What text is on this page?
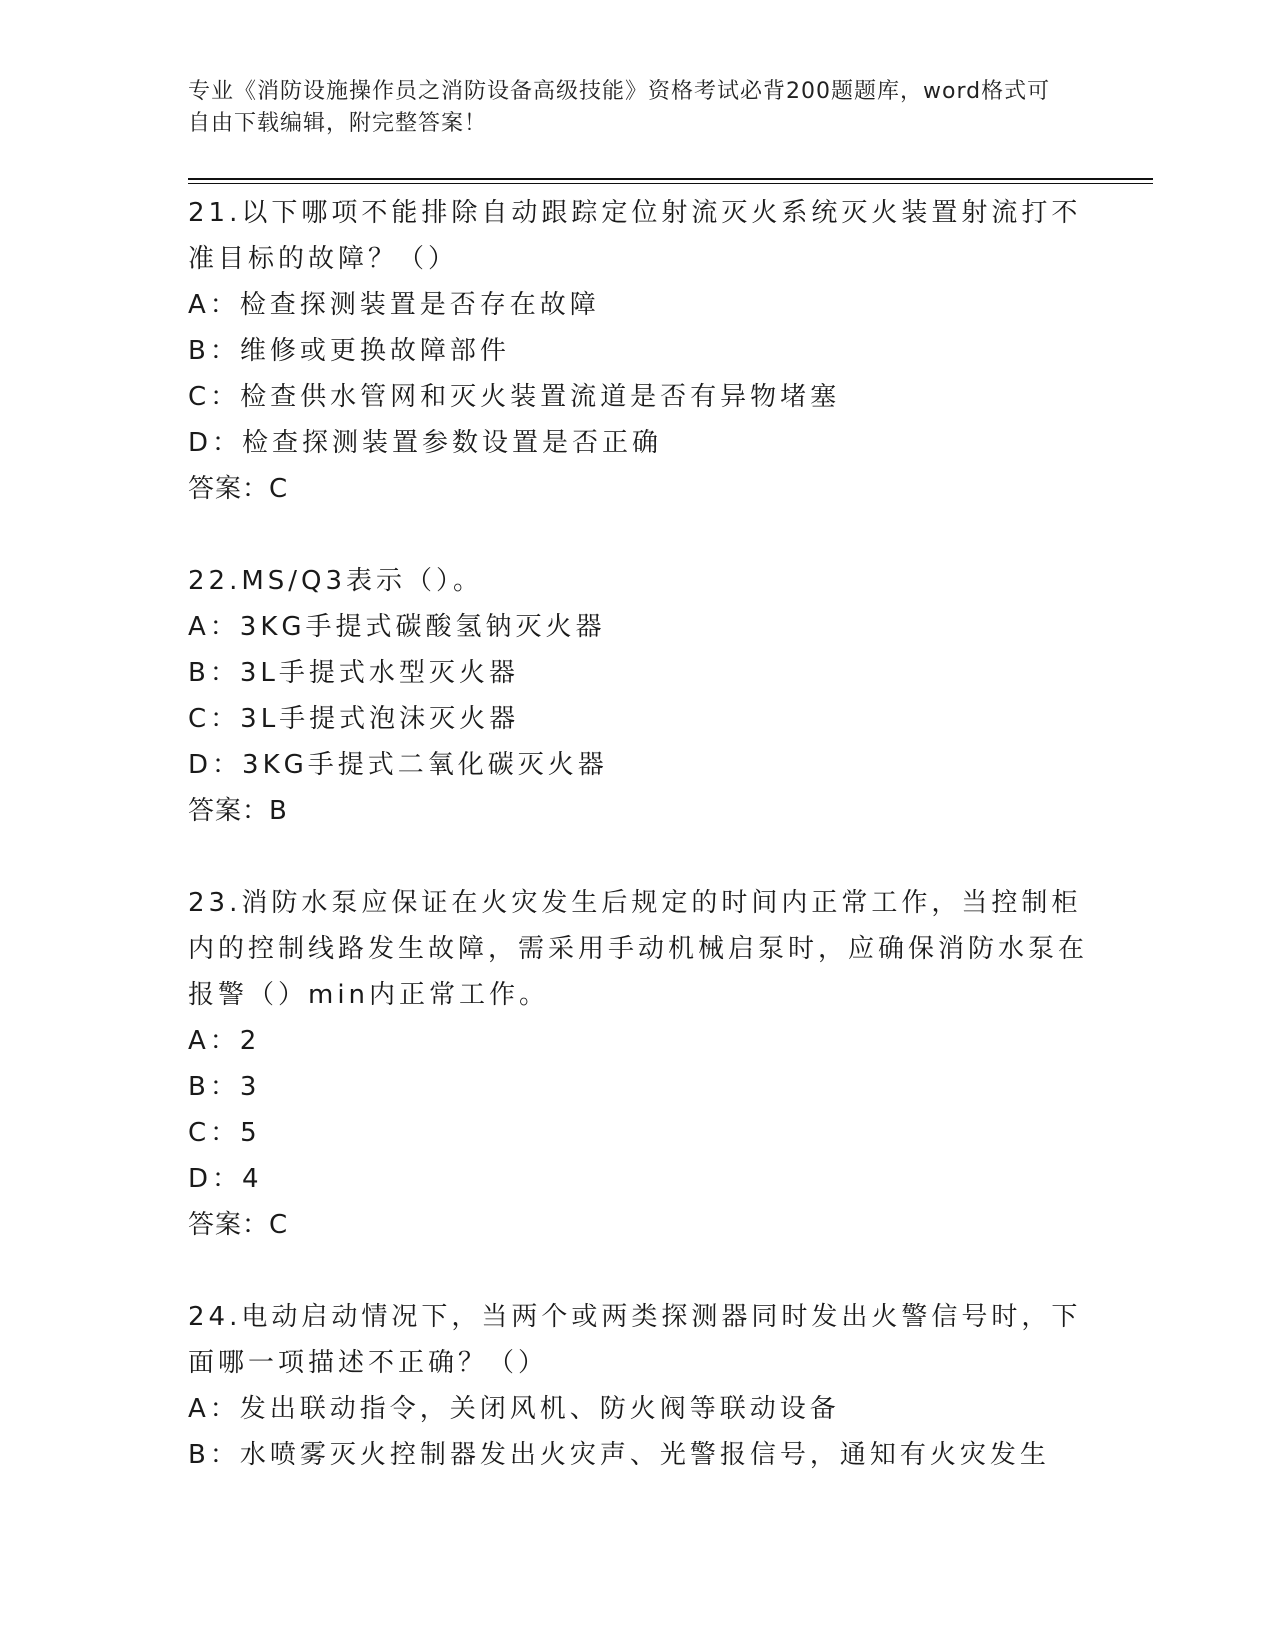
专业《消防设施操作员之消防设备高级技能》资格考试必背200题题库，word格式可自由下载编辑，附完整答案！
21.以下哪项不能排除自动跟踪定位射流灭火系统灭火装置射流打不准目标的故障？（）
A：检查探测装置是否存在故障
B：维修或更换故障部件
C：检查供水管网和灭火装置流道是否有异物堵塞
D：检查探测装置参数设置是否正确
答案：C
22.MS/Q3表示（）。
A：3KG手提式碳酸氢钠灭火器
B：3L手提式水型灭火器
C：3L手提式泡沫灭火器
D：3KG手提式二氧化碳灭火器
答案：B
23.消防水泵应保证在火灾发生后规定的时间内正常工作，当控制柜内的控制线路发生故障，需采用手动机械启泵时，应确保消防水泵在报警（）min内正常工作。
A：2
B：3
C：5
D：4
答案：C
24.电动启动情况下，当两个或两类探测器同时发出火警信号时，下面哪一项描述不正确？（）
A：发出联动指令，关闭风机、防火阀等联动设备
B：水喷雾灭火控制器发出火灾声、光警报信号，通知有火灾发生
